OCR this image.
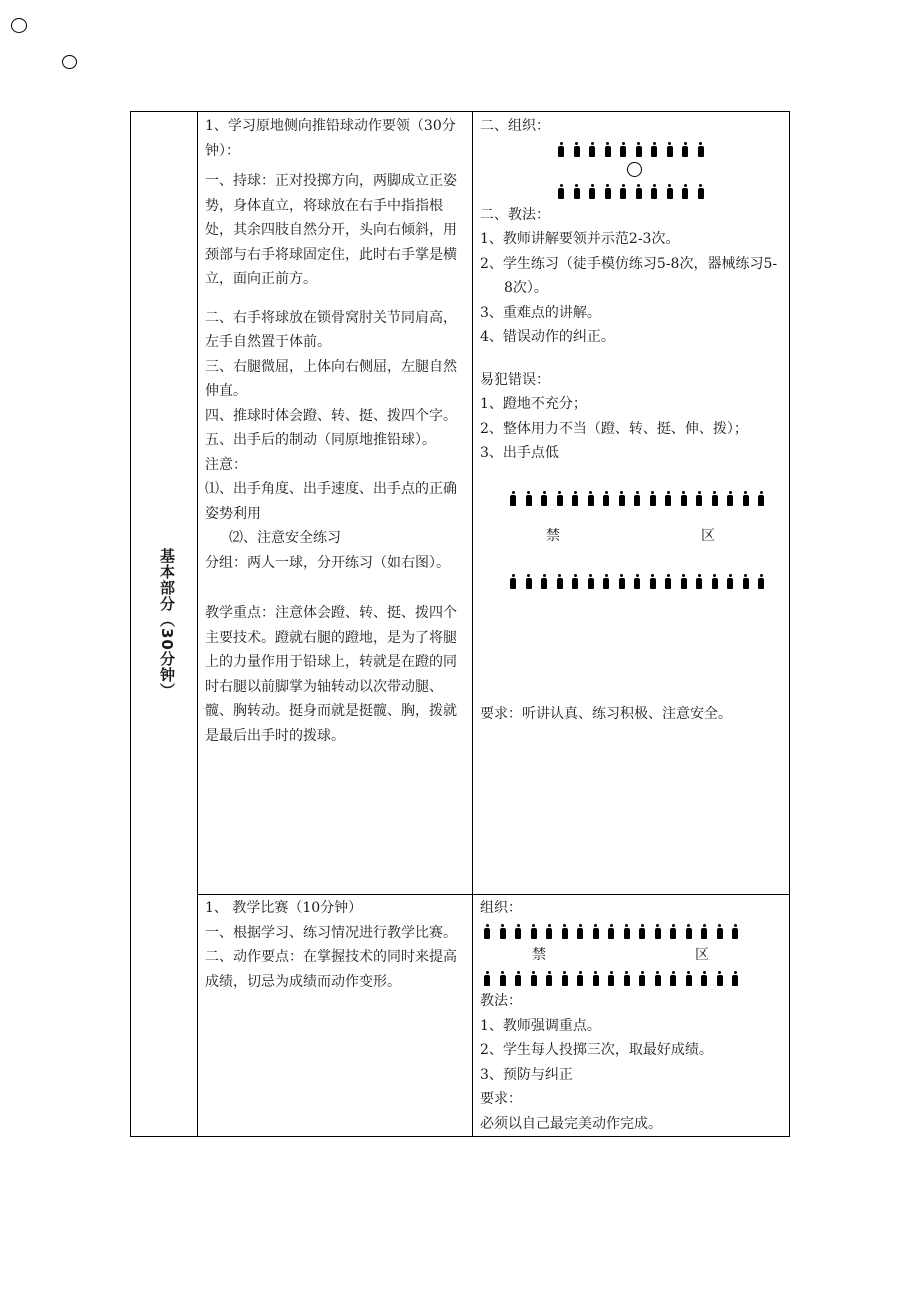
基本部分（30分钟）

1、学习原地侧向推铅球动作要领（30分钟）：

一、持球：正对投掷方向，两脚成立正姿势，身体直立，将球放在右手中指指根处，其余四肢自然分开，头向右倾斜，用颈部与右手将球固定住，此时右手掌是横立，面向正前方。

二、右手将球放在锁骨窝肘关节同肩高，左手自然置于体前。

三、右腿微屈，上体向右侧屈，左腿自然伸直。

四、推球时体会蹬、转、挺、拨四个字。

五、出手后的制动（同原地推铅球）。

注意：

⑴、出手角度、出手速度、出手点的正确姿势利用

⑵、注意安全练习

分组：两人一球，分开练习（如右图）。

教学重点：注意体会蹬、转、挺、拨四个主要技术。蹬就右腿的蹬地，是为了将腿上的力量作用于铅球上，转就是在蹬的同时右腿以前脚掌为轴转动以次带动腿、髋、胸转动。挺身而就是挺髋、胸，拨就是最后出手时的拨球。

二、组织：

二、教法：

1、教师讲解要领并示范2-3次。

2、学生练习（徒手模仿练习5-8次，器械练习5-8次）。

3、重难点的讲解。

4、错误动作的纠正。

易犯错误：

1、蹬地不充分；

2、整体用力不当（蹬、转、挺、伸、拨）；

3、出手点低

禁	区

要求：听讲认真、练习积极、注意安全。

1、 教学比赛（10分钟）

一、根据学习、练习情况进行教学比赛。

二、动作要点：在掌握技术的同时来提高成绩，切忌为成绩而动作变形。

组织：

禁	区

教法：

1、教师强调重点。

2、学生每人投掷三次，取最好成绩。

3、预防与纠正

要求：

必须以自己最完美动作完成。
